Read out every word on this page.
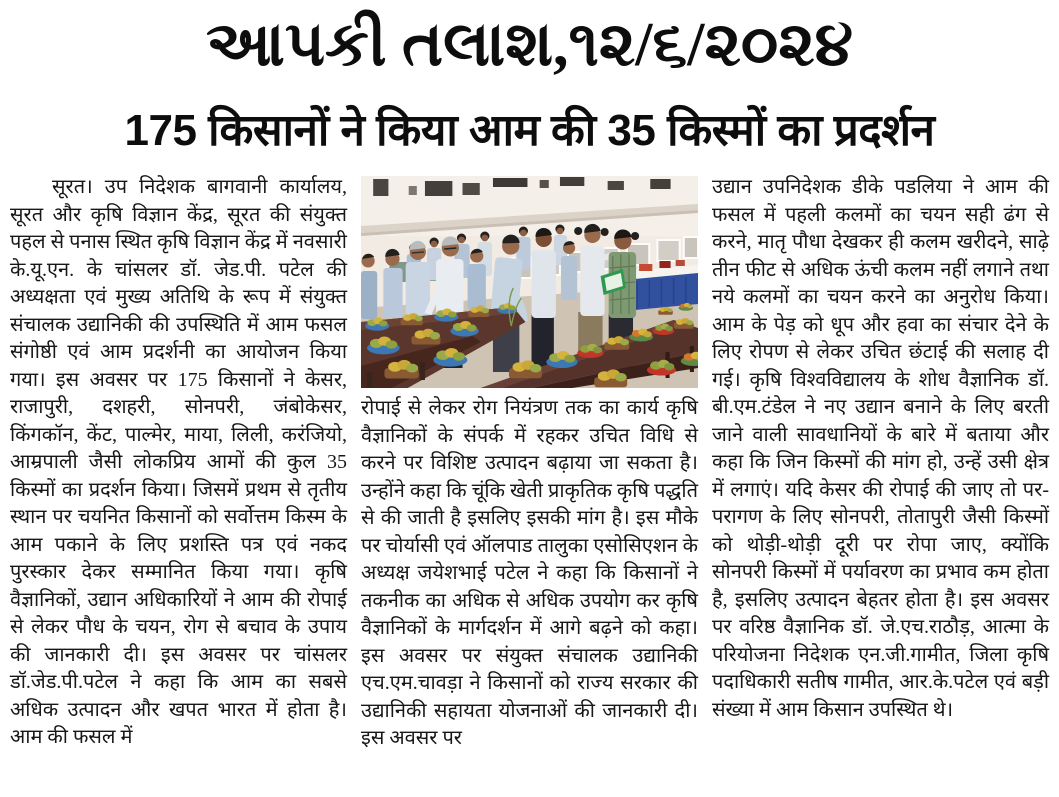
આપકી તલાશ,૧૨/૬/૨૦૨૪
175 किसानों ने किया आम की 35 किस्मों का प्रदर्शन
सूरत। उप निदेशक बागवानी कार्यालय, सूरत और कृषि विज्ञान केंद्र, सूरत की संयुक्त पहल से पनास स्थित कृषि विज्ञान केंद्र में नवसारी के.यू.एन. के चांसलर डॉ. जेड.पी. पटेल की अध्यक्षता एवं मुख्य अतिथि के रूप में संयुक्त संचालक उद्यानिकी की उपस्थिति में आम फसल संगोष्ठी एवं आम प्रदर्शनी का आयोजन किया गया। इस अवसर पर 175 किसानों ने केसर, राजापुरी, दशहरी, सोनपरी, जंबोकेसर, किंगकॉन, केंट, पाल्मेर, माया, लिली, करंजियो, आम्रपाली जैसी लोकप्रिय आमों की कुल 35 किस्मों का प्रदर्शन किया। जिसमें प्रथम से तृतीय स्थान पर चयनित किसानों को सर्वोत्तम किस्म के आम पकाने के लिए प्रशस्ति पत्र एवं नकद पुरस्कार देकर सम्मानित किया गया। कृषि वैज्ञानिकों, उद्यान अधिकारियों ने आम की रोपाई से लेकर पौध के चयन, रोग से बचाव के उपाय की जानकारी दी। इस अवसर पर चांसलर डॉ.जेड.पी.पटेल ने कहा कि आम का सबसे अधिक उत्पादन और खपत भारत में होता है। आम की फसल में
रोपाई से लेकर रोग नियंत्रण तक का कार्य कृषि वैज्ञानिकों के संपर्क में रहकर उचित विधि से करने पर विशिष्ट उत्पादन बढ़ाया जा सकता है। उन्होंने कहा कि चूंकि खेती प्राकृतिक कृषि पद्धति से की जाती है इसलिए इसकी मांग है। इस मौके पर चोर्यासी एवं ऑलपाड तालुका एसोसिएशन के अध्यक्ष जयेशभाई पटेल ने कहा कि किसानों ने तकनीक का अधिक से अधिक उपयोग कर कृषि वैज्ञानिकों के मार्गदर्शन में आगे बढ़ने को कहा। इस अवसर पर संयुक्त संचालक उद्यानिकी एच.एम.चावड़ा ने किसानों को राज्य सरकार की उद्यानिकी सहायता योजनाओं की जानकारी दी। इस अवसर पर
उद्यान उपनिदेशक डीके पडलिया ने आम की फसल में पहली कलमों का चयन सही ढंग से करने, मातृ पौधा देखकर ही कलम खरीदने, साढ़े तीन फीट से अधिक ऊंची कलम नहीं लगाने तथा नये कलमों का चयन करने का अनुरोध किया। आम के पेड़ को धूप और हवा का संचार देने के लिए रोपण से लेकर उचित छंटाई की सलाह दी गई। कृषि विश्वविद्यालय के शोध वैज्ञानिक डॉ. बी.एम.टंडेल ने नए उद्यान बनाने के लिए बरती जाने वाली सावधानियों के बारे में बताया और कहा कि जिन किस्मों की मांग हो, उन्हें उसी क्षेत्र में लगाएं। यदि केसर की रोपाई की जाए तो पर-परागण के लिए सोनपरी, तोतापुरी जैसी किस्मों को थोड़ी-थोड़ी दूरी पर रोपा जाए, क्योंकि सोनपरी किस्मों में पर्यावरण का प्रभाव कम होता है, इसलिए उत्पादन बेहतर होता है। इस अवसर पर वरिष्ठ वैज्ञानिक डॉ. जे.एच.राठौड़, आत्मा के परियोजना निदेशक एन.जी.गामीत, जिला कृषि पदाधिकारी सतीष गामीत, आर.के.पटेल एवं बड़ी संख्या में आम किसान उपस्थित थे।
